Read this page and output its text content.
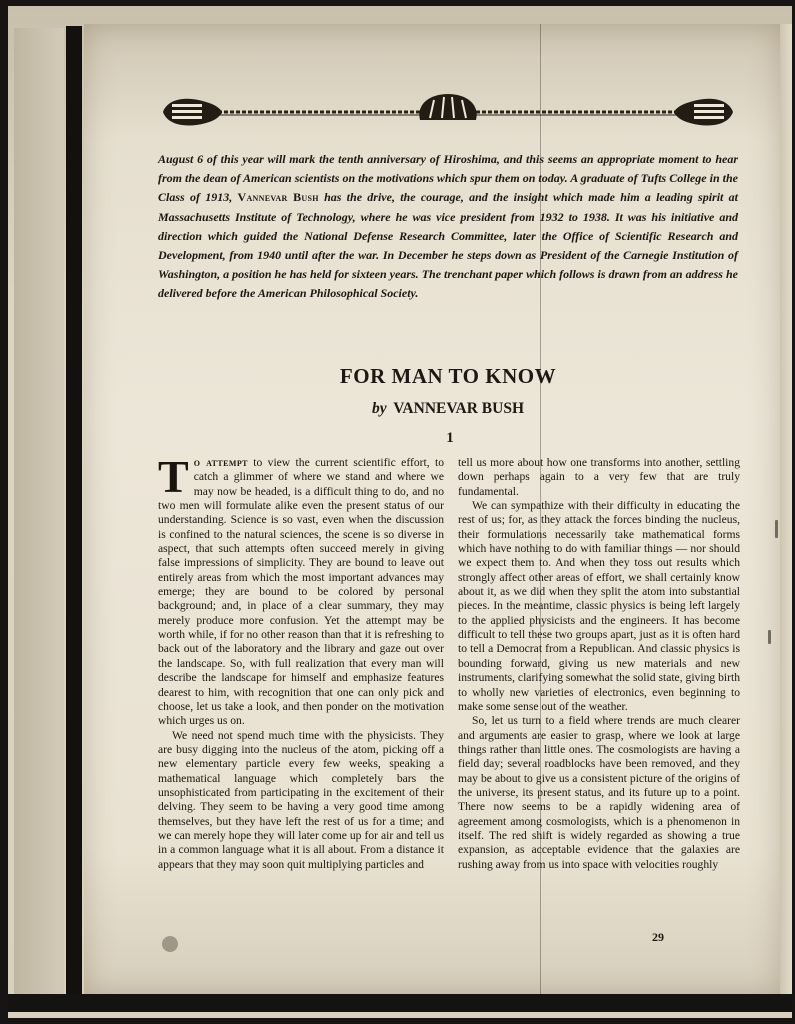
August 6 of this year will mark the tenth anniversary of Hiroshima, and this seems an appropriate moment to hear from the dean of American scientists on the motivations which spur them on today. A graduate of Tufts College in the Class of 1913, Vannevar Bush has the drive, the courage, and the insight which made him a leading spirit at Massachusetts Institute of Technology, where he was vice president from 1932 to 1938. It was his initiative and direction which guided the National Defense Research Committee, later the Office of Scientific Research and Development, from 1940 until after the war. In December he steps down as President of the Carnegie Institution of Washington, a position he has held for sixteen years. The trenchant paper which follows is drawn from an address he delivered before the American Philosophical Society.
FOR MAN TO KNOW
by VANNEVAR BUSH
1

To attempt to view the current scientific effort, to catch a glimmer of where we stand and where we may now be headed, is a difficult thing to do, and no two men will formulate alike even the present status of our understanding. Science is so vast, even when the discussion is confined to the natural sciences, the scene is so diverse in aspect, that such attempts often succeed merely in giving false impressions of simplicity. They are bound to leave out entirely areas from which the most important advances may emerge; they are bound to be colored by personal background; and, in place of a clear summary, they may merely produce more confusion. Yet the attempt may be worth while, if for no other reason than that it is refreshing to back out of the laboratory and the library and gaze out over the landscape. So, with full realization that every man will describe the landscape for himself and emphasize features dearest to him, with recognition that one can only pick and choose, let us take a look, and then ponder on the motivation which urges us on.

We need not spend much time with the physicists. They are busy digging into the nucleus of the atom, picking off a new elementary particle every few weeks, speaking a mathematical language which completely bars the unsophisticated from participating in the excitement of their delving. They seem to be having a very good time among themselves, but they have left the rest of us for a time; and we can merely hope they will later come up for air and tell us in a common language what it is all about. From a distance it appears that they may soon quit multiplying particles and

tell us more about how one transforms into another, settling down perhaps again to a very few that are truly fundamental.

We can sympathize with their difficulty in educating the rest of us; for, as they attack the forces binding the nucleus, their formulations necessarily take mathematical forms which have nothing to do with familiar things — nor should we expect them to. And when they toss out results which strongly affect other areas of effort, we shall certainly know about it, as we did when they split the atom into substantial pieces. In the meantime, classic physics is being left largely to the applied physicists and the engineers. It has become difficult to tell these two groups apart, just as it is often hard to tell a Democrat from a Republican. And classic physics is bounding forward, giving us new materials and new instruments, clarifying somewhat the solid state, giving birth to wholly new varieties of electronics, even beginning to make some sense out of the weather.

So, let us turn to a field where trends are much clearer and arguments are easier to grasp, where we look at large things rather than little ones. The cosmologists are having a field day; several roadblocks have been removed, and they may be about to give us a consistent picture of the origins of the universe, its present status, and its future up to a point. There now seems to be a rapidly widening area of agreement among cosmologists, which is a phenomenon in itself. The red shift is widely regarded as showing a true expansion, as acceptable evidence that the galaxies are rushing away from us into space with velocities roughly

29
